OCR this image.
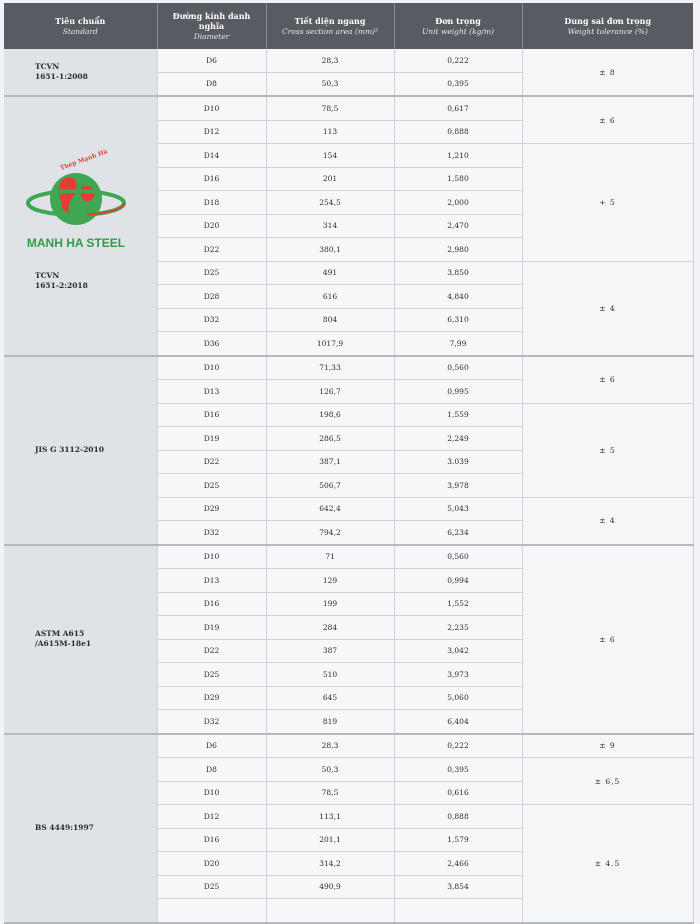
Tiêu chuẩn
Standard	Đường kính danh nghĩa
Diameter	Tiết diện ngang
Cross section area (mm)²	Đơn trọng
Unit weight (kg/m)	Dung sai đơn trọng
Weight tolerance (%)

TCVN
1651-1:2008	D6	28,3	0,222	± 8
	D8	50,3	0,395	

Thép Mạnh Hà
MANH HA STEEL
TCVN
1651-2:2018	D10	78,5	0,617	± 6
	D12	113	0,888	
	D14	154	1,210	+ 5
	D16	201	1,580	
	D18	254,5	2,000	
	D20	314	2,470	
	D22	380,1	2,980	
	D25	491	3,850	± 4
	D28	616	4,840	
	D32	804	6,310	
	D36	1017,9	7,99	

JIS G 3112-2010	D10	71,33	0,560	± 6
	D13	126,7	0,995	
	D16	198,6	1,559	± 5
	D19	286,5	2,249	
	D22	387,1	3.039	
	D25	506,7	3,978	
	D29	642,4	5,043	± 4
	D32	794,2	6,234	

ASTM A615
/A615M-18e1	D10	71	0,560	± 6
	D13	129	0,994	
	D16	199	1,552	
	D19	284	2,235	
	D22	387	3,042	
	D25	510	3,973	
	D29	645	5,060	
	D32	819	6,404	

BS 4449:1997	D6	28,3	0,222	± 9
	D8	50,3	0,395	± 6,5
	D10	78,5	0,616	
	D12	113,1	0,888	± 4.5
	D16	201,1	1,579	
	D20	314,2	2,466	
	D25	490,9	3,854	
